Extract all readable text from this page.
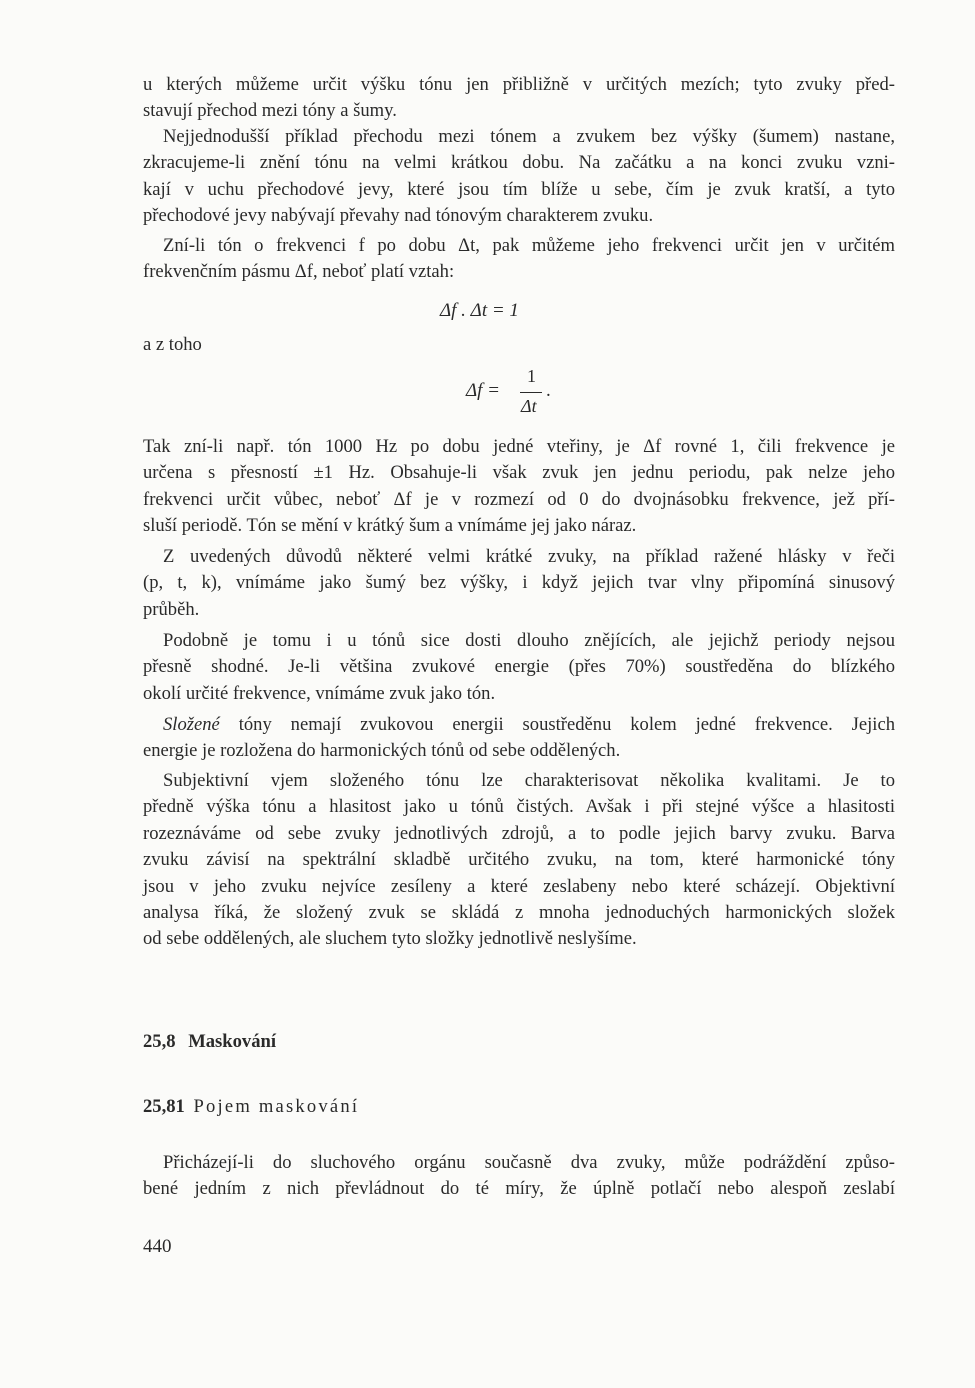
u kterých můžeme určit výšku tónu jen přibližně v určitých mezích; tyto zvuky před-
stavují přechod mezi tóny a šumy.
Nejjednodušší příklad přechodu mezi tónem a zvukem bez výšky (šumem) nastane,
zkracujeme-li znění tónu na velmi krátkou dobu. Na začátku a na konci zvuku vzni-
kají v uchu přechodové jevy, které jsou tím blíže u sebe, čím je zvuk kratší, a tyto
přechodové jevy nabývají převahy nad tónovým charakterem zvuku.
Zní-li tón o frekvenci f po dobu Δt, pak můžeme jeho frekvenci určit jen v určitém
frekvenčním pásmu Δf, neboť platí vztah:
Δf . Δt = 1
a z toho
Δf =
1
Δt
.
Tak zní-li např. tón 1000 Hz po dobu jedné vteřiny, je Δf rovné 1, čili frekvence je
určena s přesností ±1 Hz. Obsahuje-li však zvuk jen jednu periodu, pak nelze jeho
frekvenci určit vůbec, neboť Δf je v rozmezí od 0 do dvojnásobku frekvence, jež pří-
sluší periodě. Tón se mění v krátký šum a vnímáme jej jako náraz.
Z uvedených důvodů některé velmi krátké zvuky, na příklad ražené hlásky v řeči
(p, t, k), vnímáme jako šumý bez výšky, i když jejich tvar vlny připomíná sinusový
průběh.
Podobně je tomu i u tónů sice dosti dlouho znějících, ale jejichž periody nejsou
přesně shodné. Je-li většina zvukové energie (přes 70%) soustředěna do blízkého
okolí určité frekvence, vnímáme zvuk jako tón.
Složené tóny nemají zvukovou energii soustředěnu kolem jedné frekvence. Jejich
energie je rozložena do harmonických tónů od sebe oddělených.
Subjektivní vjem složeného tónu lze charakterisovat několika kvalitami. Je to
předně výška tónu a hlasitost jako u tónů čistých. Avšak i při stejné výšce a hlasitosti
rozeznáváme od sebe zvuky jednotlivých zdrojů, a to podle jejich barvy zvuku. Barva
zvuku závisí na spektrální skladbě určitého zvuku, na tom, které harmonické tóny
jsou v jeho zvuku nejvíce zesíleny a které zeslabeny nebo které scházejí. Objektivní
analysa říká, že složený zvuk se skládá z mnoha jednoduchých harmonických složek
od sebe oddělených, ale sluchem tyto složky jednotlivě neslyšíme.
25,8 Maskování
25,81 Pojem maskování
Přicházejí-li do sluchového orgánu současně dva zvuky, může podráždění způso-
bené jedním z nich převládnout do té míry, že úplně potlačí nebo alespoň zeslabí
440
